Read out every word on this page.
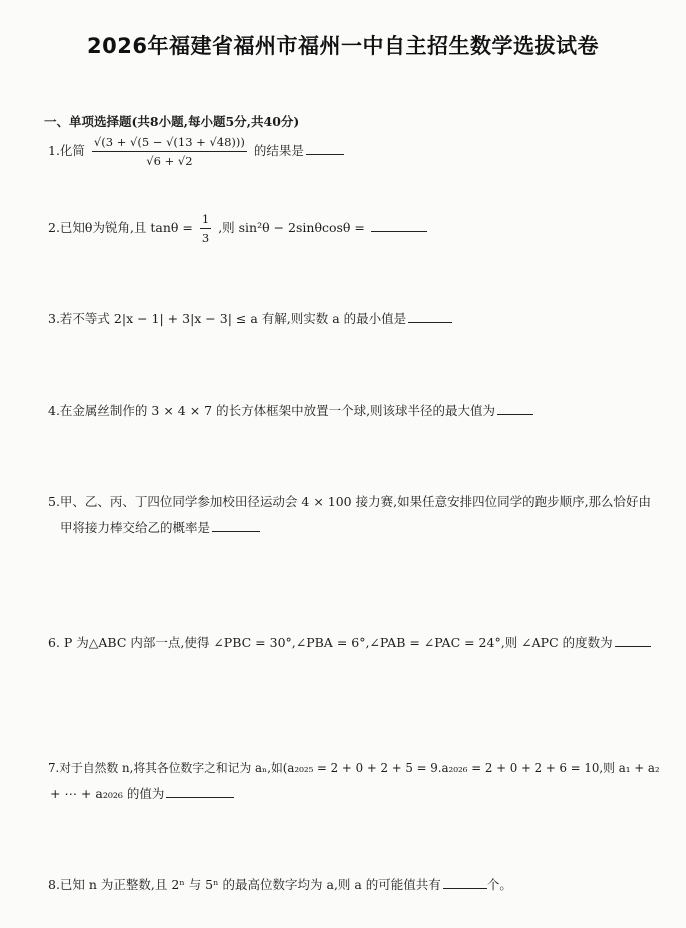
2026年福建省福州市福州一中自主招生数学选拔试卷
一、单项选择题(共8小题,每小题5分,共40分)
1.化简 $\frac{√(3 + √(5 - √(13 + √48)))}{√6 + √2}$ 的结果是
2.已知θ为锐角,且 $\tan\theta = \frac{1}{3}$ ,则 sin²θ − 2sinθcosθ =
3.若不等式 2|x − 1| + 3|x − 3| ≤ a 有解,则实数 a 的最小值是
4.在金属丝制作的 3 × 4 × 7 的长方体框架中放置一个球,则该球半径的最大值为
5.甲、乙、丙、丁四位同学参加校田径运动会 4 × 100 接力赛,如果任意安排四位同学的跑步顺序,那么恰好由
甲将接力棒交给乙的概率是
6. P 为△ABC 内部一点,使得 ∠PBC = 30°,∠PBA = 6°,∠PAB = ∠PAC = 24°,则 ∠APC 的度数为
7.对于自然数 n,将其各位数字之和记为 aₙ,如(a₂₀₂₅ = 2 + 0 + 2 + 5 = 9.a₂₀₂₆ = 2 + 0 + 2 + 6 = 10,则 a₁ + a₂
+ ⋯ + a₂₀₂₆ 的值为
8.已知 n 为正整数,且 2ⁿ 与 5ⁿ 的最高位数字均为 a,则 a 的可能值共有	个。
